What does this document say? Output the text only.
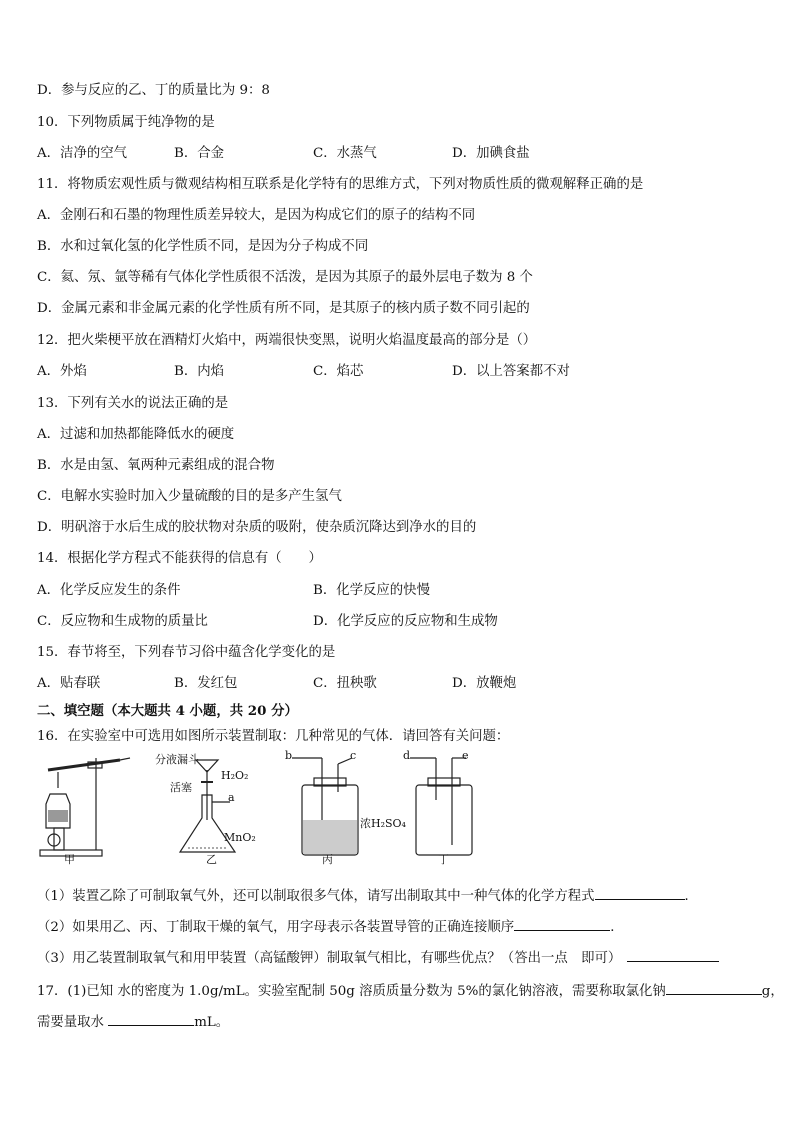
D．参与反应的乙、丁的质量比为 9：8
10．下列物质属于纯净物的是
A．洁净的空气	B．合金	C．水蒸气	D．加碘食盐
11．将物质宏观性质与微观结构相互联系是化学特有的思维方式，下列对物质性质的微观解释正确的是
A．金刚石和石墨的物理性质差异较大，是因为构成它们的原子的结构不同
B．水和过氧化氢的化学性质不同，是因为分子构成不同
C．氦、氖、氩等稀有气体化学性质很不活泼，是因为其原子的最外层电子数为 8 个
D．金属元素和非金属元素的化学性质有所不同，是其原子的核内质子数不同引起的
12．把火柴梗平放在酒精灯火焰中，两端很快变黑，说明火焰温度最高的部分是（）
A．外焰	B．内焰	C．焰芯	D．以上答案都不对
13．下列有关水的说法正确的是
A．过滤和加热都能降低水的硬度
B．水是由氢、氧两种元素组成的混合物
C．电解水实验时加入少量硫酸的目的是多产生氢气
D．明矾溶于水后生成的胶状物对杂质的吸附，使杂质沉降达到净水的目的
14．根据化学方程式不能获得的信息有（　　）
A．化学反应发生的条件	B．化学反应的快慢
C．反应物和生成物的质量比	D．化学反应的反应物和生成物
15．春节将至，下列春节习俗中蕴含化学变化的是
A．贴春联	B．发红包	C．扭秧歌	D．放鞭炮
二、填空题（本大题共 4 小题，共 20 分）
16．在实验室中可选用如图所示装置制取：几种常见的气体．请回答有关问题：
甲	乙	丙	丁
分液漏斗
H₂O₂
活塞
a
MnO₂
b	c
浓H₂SO₄
d	e
（1）装置乙除了可制取氧气外，还可以制取很多气体，请写出制取其中一种气体的化学方程式	．
（2）如果用乙、丙、丁制取干燥的氧气，用字母表示各装置导管的正确连接顺序	．
（3）用乙装置制取氧气和用甲装置（高锰酸钾）制取氧气相比，有哪些优点？（答出一点　即可）
17．(1)已知 水的密度为 1.0g/mL。实验室配制 50g 溶质质量分数为 5%的氯化钠溶液，需要称取氯化钠	g，
需要量取水	mL。
